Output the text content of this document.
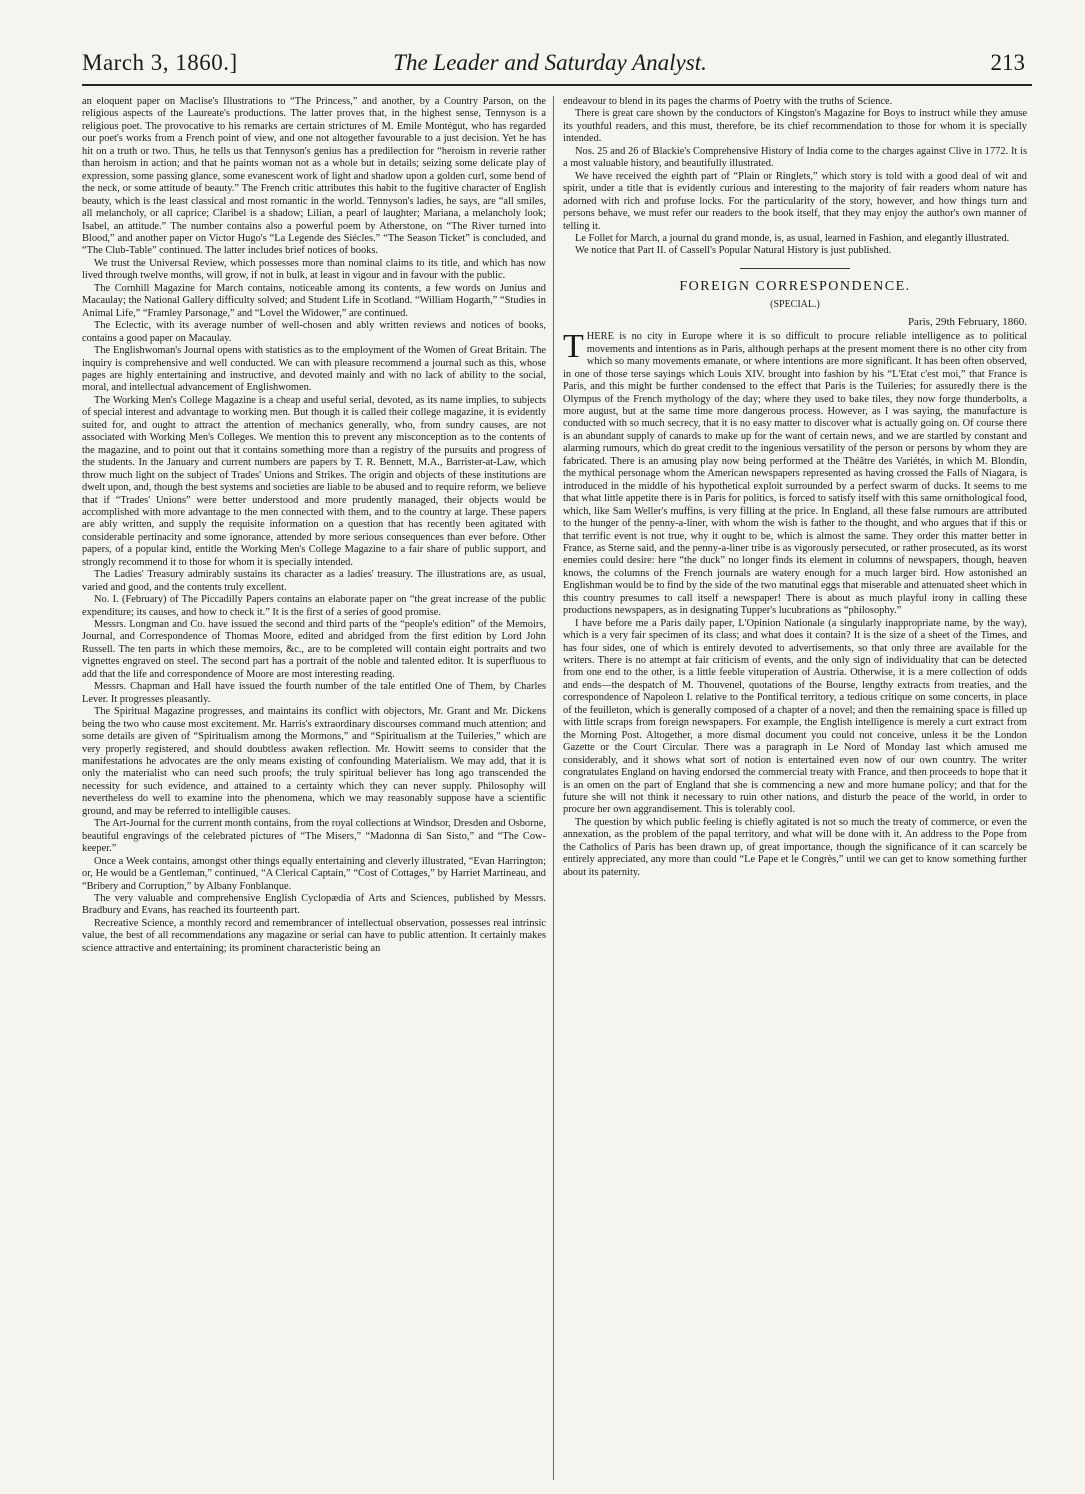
March 3, 1860.]	The Leader and Saturday Analyst.	213

an eloquent paper on Maclise's Illustrations to “The Princess,” and another, by a Country Parson, on the religious aspects of the Laureate's productions. The latter proves that, in the highest sense, Tennyson is a religious poet. The provocative to his remarks are certain strictures of M. Emile Montégut, who has regarded our poet's works from a French point of view, and one not altogether favourable to a just decision. Yet he has hit on a truth or two. Thus, he tells us that Tennyson's genius has a predilection for “heroism in reverie rather than heroism in action; and that he paints woman not as a whole but in details; seizing some delicate play of expression, some passing glance, some evanescent work of light and shadow upon a golden curl, some bend of the neck, or some attitude of beauty.” The French critic attributes this habit to the fugitive character of English beauty, which is the least classical and most romantic in the world. Tennyson's ladies, he says, are “all smiles, all melancholy, or all caprice; Claribel is a shadow; Lilian, a pearl of laughter; Mariana, a melancholy look; Isabel, an attitude.” The number contains also a powerful poem by Atherstone, on “The River turned into Blood,” and another paper on Victor Hugo's “La Legende des Siécles.” “The Season Ticket” is concluded, and “The Club-Table” continued. The latter includes brief notices of books.

We trust the Universal Review, which possesses more than nominal claims to its title, and which has now lived through twelve months, will grow, if not in bulk, at least in vigour and in favour with the public.

The Cornhill Magazine for March contains, noticeable among its contents, a few words on Junius and Macaulay; the National Gallery difficulty solved; and Student Life in Scotland. “William Hogarth,” “Studies in Animal Life,” “Framley Parsonage,” and “Lovel the Widower,” are continued.

The Eclectic, with its average number of well-chosen and ably written reviews and notices of books, contains a good paper on Macaulay.

The Englishwoman's Journal opens with statistics as to the employment of the Women of Great Britain. The inquiry is comprehensive and well conducted. We can with pleasure recommend a journal such as this, whose pages are highly entertaining and instructive, and devoted mainly and with no lack of ability to the social, moral, and intellectual advancement of Englishwomen.

The Working Men's College Magazine is a cheap and useful serial, devoted, as its name implies, to subjects of special interest and advantage to working men. But though it is called their college magazine, it is evidently suited for, and ought to attract the attention of mechanics generally, who, from sundry causes, are not associated with Working Men's Colleges. We mention this to prevent any misconception as to the contents of the magazine, and to point out that it contains something more than a registry of the pursuits and progress of the students. In the January and current numbers are papers by T. R. Bennett, M.A., Barrister-at-Law, which throw much light on the subject of Trades' Unions and Strikes. The origin and objects of these institutions are dwelt upon, and, though the best systems and societies are liable to be abused and to require reform, we believe that if “Trades' Unions” were better understood and more prudently managed, their objects would be accomplished with more advantage to the men connected with them, and to the country at large. These papers are ably written, and supply the requisite information on a question that has recently been agitated with considerable pertinacity and some ignorance, attended by more serious consequences than ever before. Other papers, of a popular kind, entitle the Working Men's College Magazine to a fair share of public support, and strongly recommend it to those for whom it is specially intended.

The Ladies' Treasury admirably sustains its character as a ladies' treasury. The illustrations are, as usual, varied and good, and the contents truly excellent.

No. I. (February) of The Piccadilly Papers contains an elaborate paper on “the great increase of the public expenditure; its causes, and how to check it.” It is the first of a series of good promise.

Messrs. Longman and Co. have issued the second and third parts of the “people's edition” of the Memoirs, Journal, and Correspondence of Thomas Moore, edited and abridged from the first edition by Lord John Russell. The ten parts in which these memoirs, &c., are to be completed will contain eight portraits and two vignettes engraved on steel. The second part has a portrait of the noble and talented editor. It is superfluous to add that the life and correspondence of Moore are most interesting reading.

Messrs. Chapman and Hall have issued the fourth number of the tale entitled One of Them, by Charles Lever. It progresses pleasantly.

The Spiritual Magazine progresses, and maintains its conflict with objectors, Mr. Grant and Mr. Dickens being the two who cause most excitement. Mr. Harris's extraordinary discourses command much attention; and some details are given of “Spiritualism among the Mormons,” and “Spiritualism at the Tuileries,” which are very properly registered, and should doubtless awaken reflection. Mr. Howitt seems to consider that the manifestations he advocates are the only means existing of confounding Materialism. We may add, that it is only the materialist who can need such proofs; the truly spiritual believer has long ago transcended the necessity for such evidence, and attained to a certainty which they can never supply. Philosophy will nevertheless do well to examine into the phenomena, which we may reasonably suppose have a scientific ground, and may be referred to intelligible causes.

The Art-Journal for the current month contains, from the royal collections at Windsor, Dresden and Osborne, beautiful engravings of the celebrated pictures of “The Misers,” “Madonna di San Sisto,” and “The Cow-keeper.”

Once a Week contains, amongst other things equally entertaining and cleverly illustrated, “Evan Harrington; or, He would be a Gentleman,” continued, “A Clerical Captain,” “Cost of Cottages,” by Harriet Martineau, and “Bribery and Corruption,” by Albany Fonblanque.

The very valuable and comprehensive English Cyclopædia of Arts and Sciences, published by Messrs. Bradbury and Evans, has reached its fourteenth part.

Recreative Science, a monthly record and remembrancer of intellectual observation, possesses real intrinsic value, the best of all recommendations any magazine or serial can have to public attention. It certainly makes science attractive and entertaining; its prominent characteristic being an

endeavour to blend in its pages the charms of Poetry with the truths of Science.

There is great care shown by the conductors of Kingston's Magazine for Boys to instruct while they amuse its youthful readers, and this must, therefore, be its chief recommendation to those for whom it is specially intended.

Nos. 25 and 26 of Blackie's Comprehensive History of India come to the charges against Clive in 1772. It is a most valuable history, and beautifully illustrated.

We have received the eighth part of “Plain or Ringlets,” which story is told with a good deal of wit and spirit, under a title that is evidently curious and interesting to the majority of fair readers whom nature has adorned with rich and profuse locks. For the particularity of the story, however, and how things turn and persons behave, we must refer our readers to the book itself, that they may enjoy the author's own manner of telling it.

Le Follet for March, a journal du grand monde, is, as usual, learned in Fashion, and elegantly illustrated.

We notice that Part II. of Cassell's Popular Natural History is just published.

FOREIGN CORRESPONDENCE.
(SPECIAL.)
Paris, 29th February, 1860.

THERE is no city in Europe where it is so difficult to procure reliable intelligence as to political movements and intentions as in Paris, although perhaps at the present moment there is no other city from which so many movements emanate, or where intentions are more significant. It has been often observed, in one of those terse sayings which Louis XIV. brought into fashion by his “L'Etat c'est moi,” that France is Paris, and this might be further condensed to the effect that Paris is the Tuileries; for assuredly there is the Olympus of the French mythology of the day; where they used to bake tiles, they now forge thunderbolts, a more august, but at the same time more dangerous process. However, as I was saying, the manufacture is conducted with so much secrecy, that it is no easy matter to discover what is actually going on. Of course there is an abundant supply of canards to make up for the want of certain news, and we are startled by constant and alarming rumours, which do great credit to the ingenious versatility of the person or persons by whom they are fabricated. There is an amusing play now being performed at the Théâtre des Variétés, in which M. Blondin, the mythical personage whom the American newspapers represented as having crossed the Falls of Niagara, is introduced in the middle of his hypothetical exploit surrounded by a perfect swarm of ducks. It seems to me that what little appetite there is in Paris for politics, is forced to satisfy itself with this same ornithological food, which, like Sam Weller's muffins, is very filling at the price. In England, all these false rumours are attributed to the hunger of the penny-a-liner, with whom the wish is father to the thought, and who argues that if this or that terrific event is not true, why it ought to be, which is almost the same. They order this matter better in France, as Sterne said, and the penny-a-liner tribe is as vigorously persecuted, or rather prosecuted, as its worst enemies could desire: here “the duck” no longer finds its element in columns of newspapers, though, heaven knows, the columns of the French journals are watery enough for a much larger bird. How astonished an Englishman would be to find by the side of the two matutinal eggs that miserable and attenuated sheet which in this country presumes to call itself a newspaper! There is about as much playful irony in calling these productions newspapers, as in designating Tupper's lucubrations as “philosophy.”

I have before me a Paris daily paper, L'Opinion Nationale (a singularly inappropriate name, by the way), which is a very fair specimen of its class; and what does it contain? It is the size of a sheet of the Times, and has four sides, one of which is entirely devoted to advertisements, so that only three are available for the writers. There is no attempt at fair criticism of events, and the only sign of individuality that can be detected from one end to the other, is a little feeble vituperation of Austria. Otherwise, it is a mere collection of odds and ends—the despatch of M. Thouvenel, quotations of the Bourse, lengthy extracts from treaties, and the correspondence of Napoleon I. relative to the Pontifical territory, a tedious critique on some concerts, in place of the feuilleton, which is generally composed of a chapter of a novel; and then the remaining space is filled up with little scraps from foreign newspapers. For example, the English intelligence is merely a curt extract from the Morning Post. Altogether, a more dismal document you could not conceive, unless it be the London Gazette or the Court Circular. There was a paragraph in Le Nord of Monday last which amused me considerably, and it shows what sort of notion is entertained even now of our own country. The writer congratulates England on having endorsed the commercial treaty with France, and then proceeds to hope that it is an omen on the part of England that she is commencing a new and more humane policy; and that for the future she will not think it necessary to ruin other nations, and disturb the peace of the world, in order to procure her own aggrandisement. This is tolerably cool.

The question by which public feeling is chiefly agitated is not so much the treaty of commerce, or even the annexation, as the problem of the papal territory, and what will be done with it. An address to the Pope from the Catholics of Paris has been drawn up, of great importance, though the significance of it can scarcely be entirely appreciated, any more than could “Le Pape et le Congrès,” until we can get to know something further about its paternity.
